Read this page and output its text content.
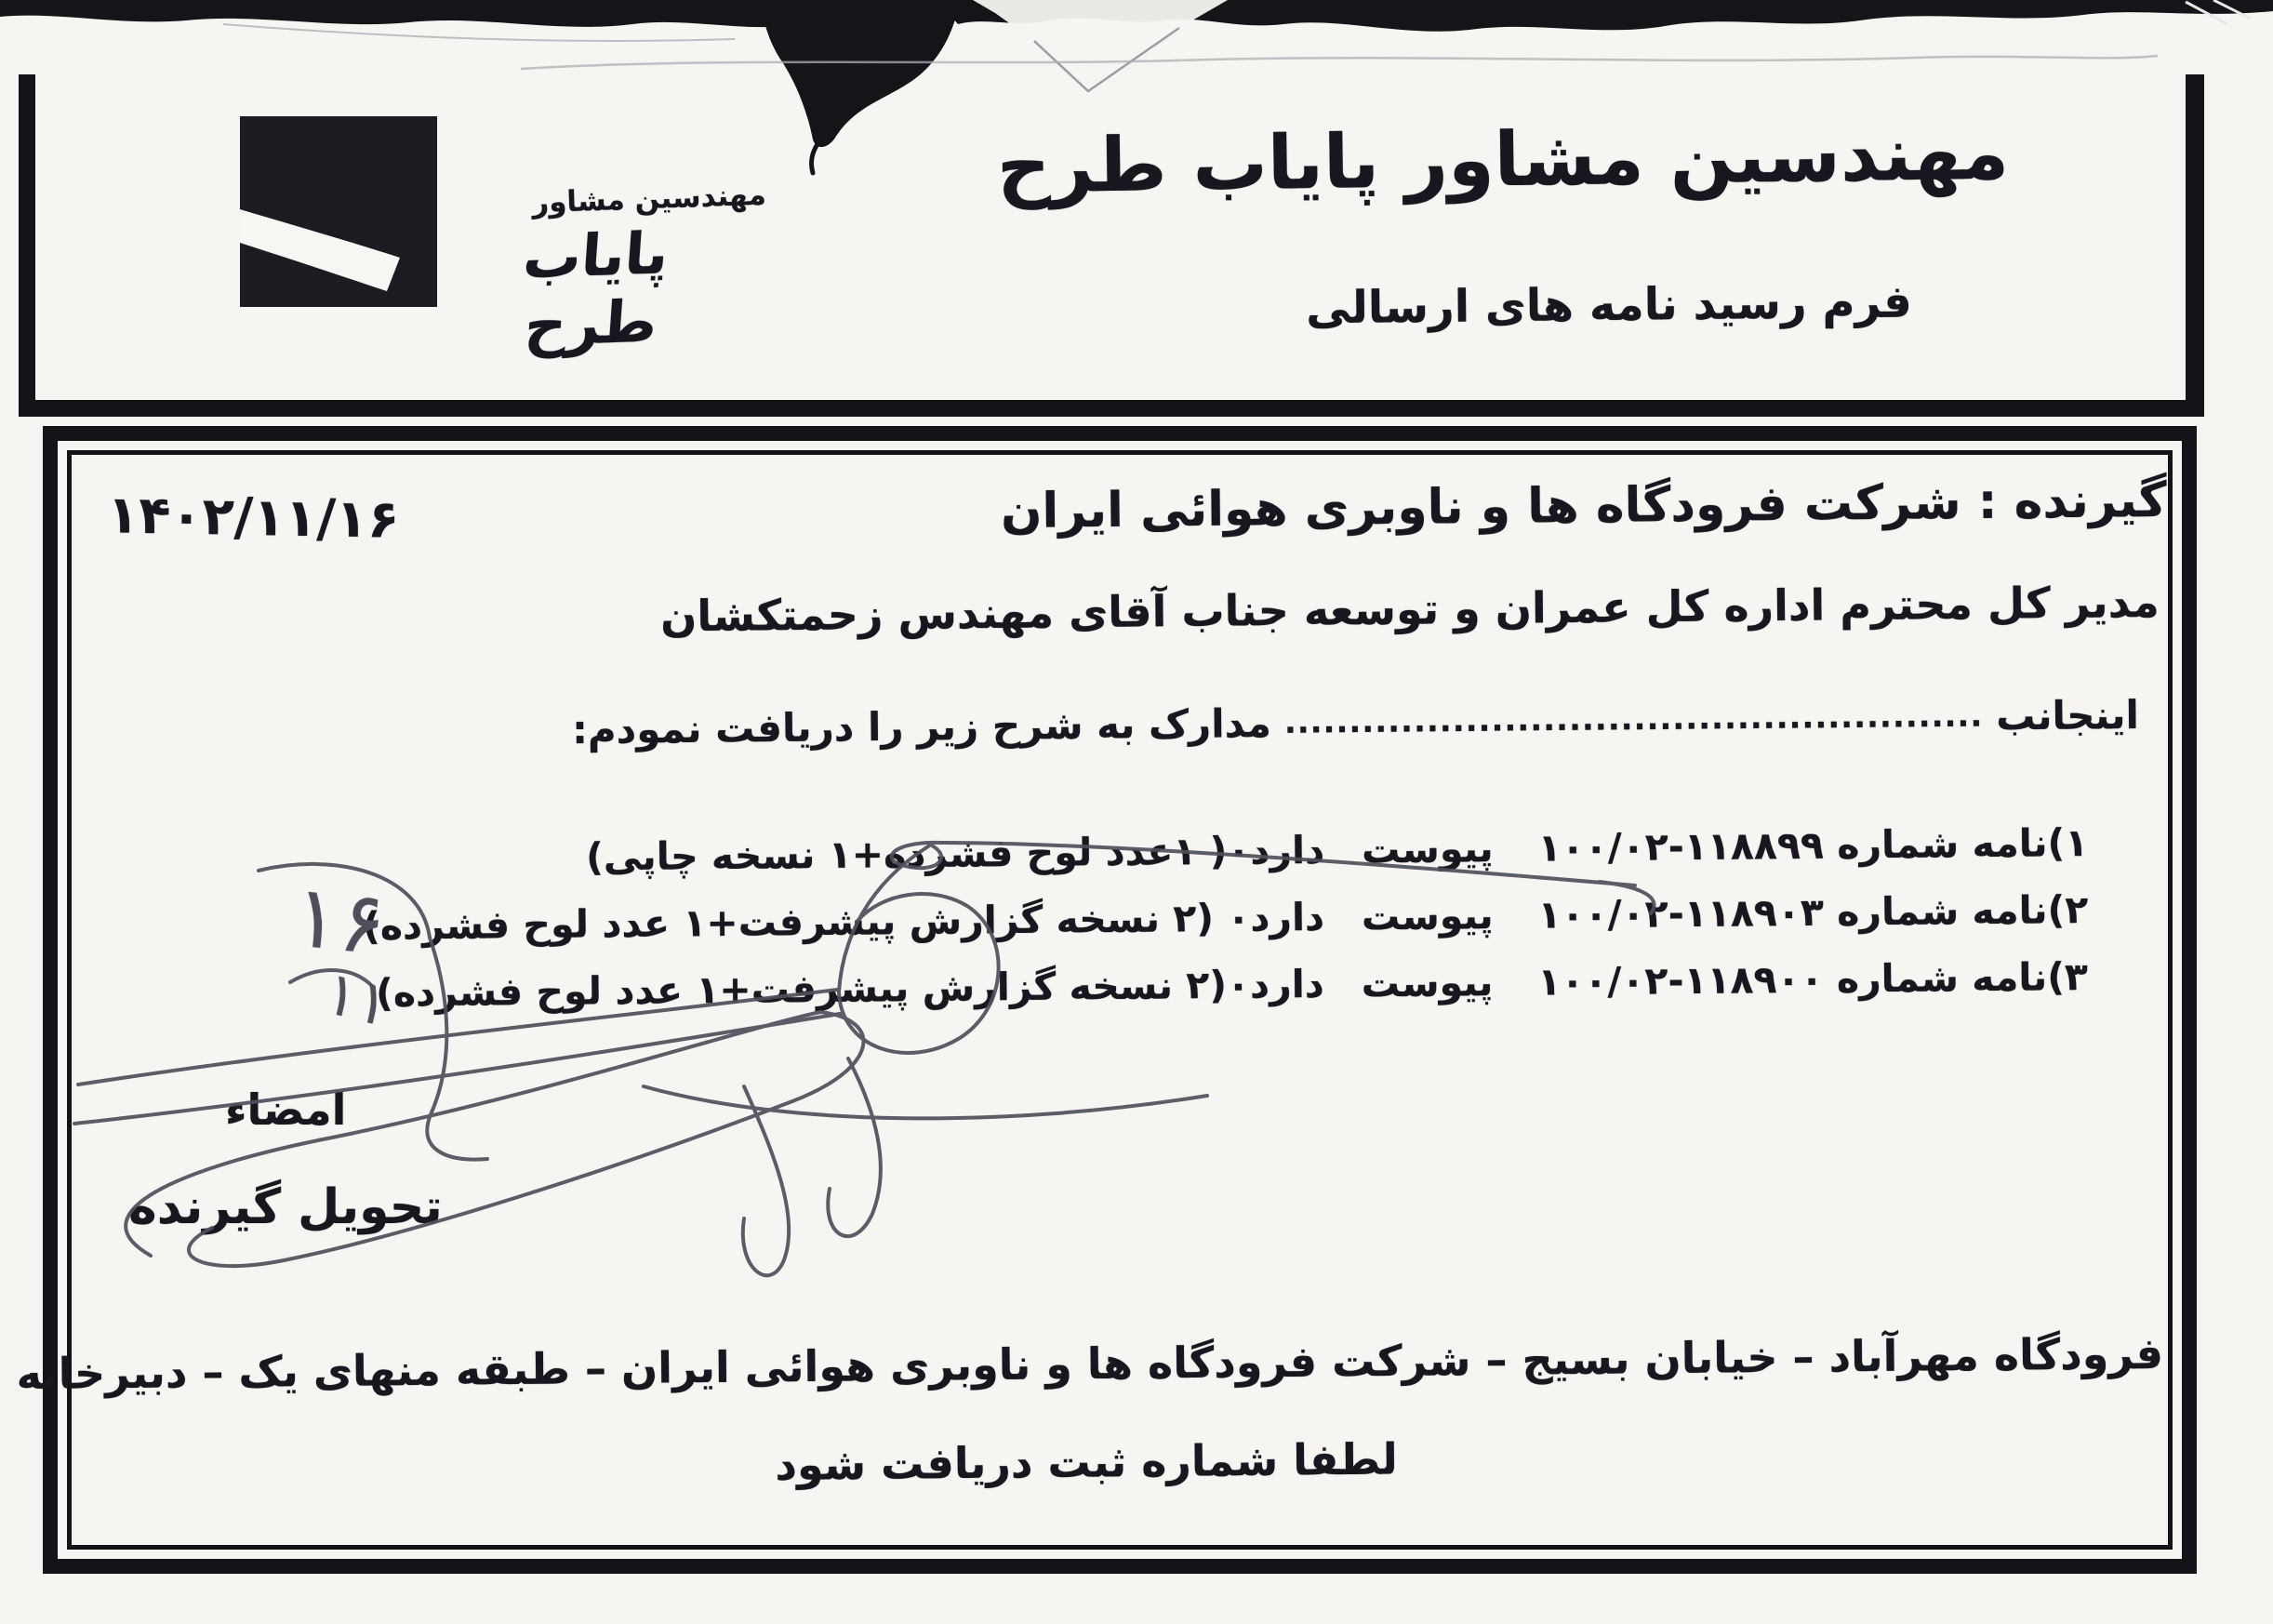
مهندسین مشاور
پایاب طرح
مهندسین مشاور پایاب طرح
فرم رسید نامه های ارسالی
۱۴۰۲/۱۱/۱۶	گیرنده : شرکت فرودگاه ها و ناوبری هوائی ایران
مدیر کل محترم اداره کل عمران و توسعه جناب آقای مهندس زحمتکشان
اینجانب
......................................................
مدارک به شرح زیر را دریافت نمودم:
۱)نامه شماره ۱۰۰/۰۲-۱۱۸۸۹۹
پیوست
دارد۰( ۱عدد لوح فشرده+۱ نسخه چاپی)
۲)نامه شماره ۱۰۰/۰۲-۱۱۸۹۰۳
پیوست
دارد۰ (۲ نسخه گزارش پیشرفت+۱ عدد لوح فشرده)
۳)نامه شماره ۱۰۰/۰۲-۱۱۸۹۰۰
پیوست
دارد۰(۲ نسخه گزارش پیشرفت+۱ عدد لوح فشرده)
امضاء
تحویل گیرنده
۱۶
۱۱
فرودگاه مهرآباد – خیابان بسیج – شرکت فرودگاه ها و ناوبری هوائی ایران – طبقه منهای یک – دبیرخانه
لطفا شماره ثبت دریافت شود
